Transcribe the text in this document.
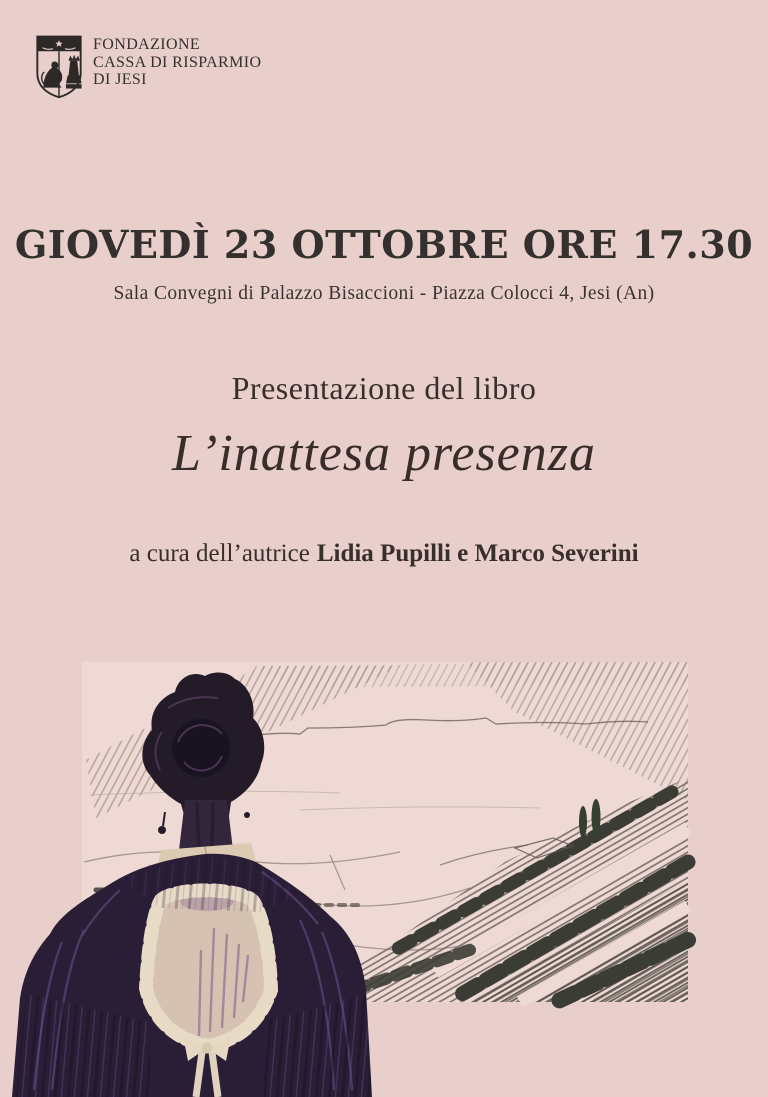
FONDAZIONE
CASSA DI RISPARMIO
DI JESI
GIOVEDÌ 23 OTTOBRE ORE 17.30
Sala Convegni di Palazzo Bisaccioni - Piazza Colocci 4, Jesi (An)
Presentazione del libro
L’inattesa presenza
a cura dell’autrice Lidia Pupilli e Marco Severini
